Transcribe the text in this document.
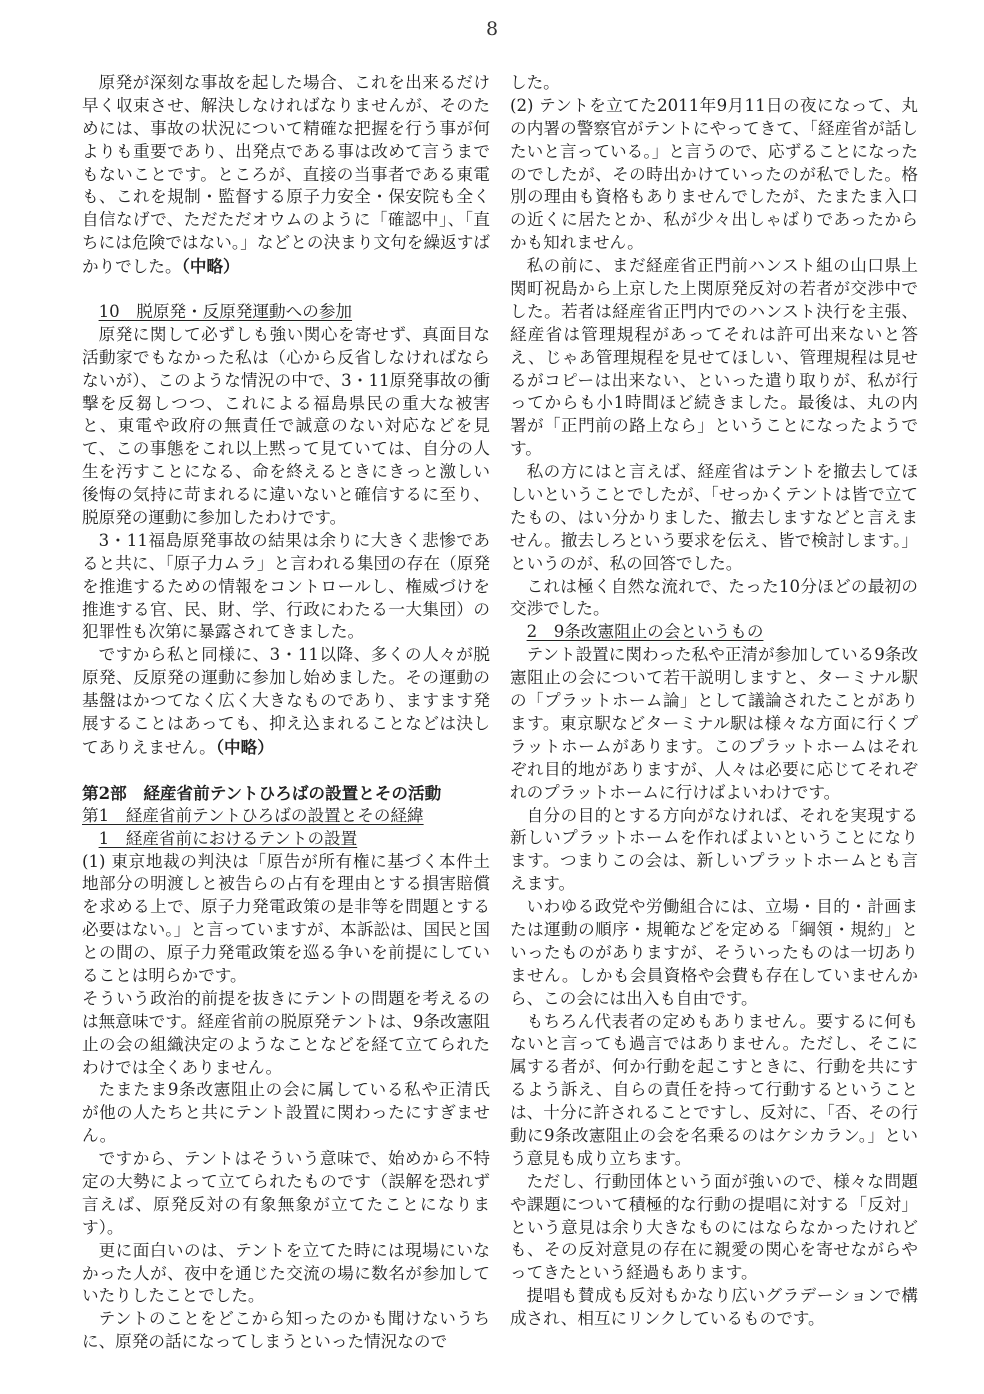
8

原発が深刻な事故を起した場合、これを出来るだけ早く収束させ、解決しなければなりませんが、そのためには、事故の状況について精確な把握を行う事が何よりも重要であり、出発点である事は改めて言うまでもないことです。ところが、直接の当事者である東電も、これを規制・監督する原子力安全・保安院も全く自信なげで、ただただオウムのように「確認中」、「直ちには危険ではない。」などとの決まり文句を繰返すばかりでした。（中略）

10　脱原発・反原発運動への参加

原発に関して必ずしも強い関心を寄せず、真面目な活動家でもなかった私は（心から反省しなければならないが）、このような情況の中で、3・11原発事故の衝撃を反芻しつつ、これによる福島県民の重大な被害と、東電や政府の無責任で誠意のない対応などを見て、この事態をこれ以上黙って見ていては、自分の人生を汚すことになる、命を終えるときにきっと激しい後悔の気持に苛まれるに違いないと確信するに至り、脱原発の運動に参加したわけです。

3・11福島原発事故の結果は余りに大きく悲惨であると共に、「原子力ムラ」と言われる集団の存在（原発を推進するための情報をコントロールし、権威づけを推進する官、民、財、学、行政にわたる一大集団）の犯罪性も次第に暴露されてきました。

ですから私と同様に、3・11以降、多くの人々が脱原発、反原発の運動に参加し始めました。その運動の基盤はかつてなく広く大きなものであり、ますます発展することはあっても、抑え込まれることなどは決してありえません。（中略）

第2部　経産省前テントひろばの設置とその活動

第1　経産省前テントひろばの設置とその経緯

1　経産省前におけるテントの設置

(1) 東京地裁の判決は「原告が所有権に基づく本件土地部分の明渡しと被告らの占有を理由とする損害賠償を求める上で、原子力発電政策の是非等を問題とする必要はない。」と言っていますが、本訴訟は、国民と国との間の、原子力発電政策を巡る争いを前提にしていることは明らかです。

そういう政治的前提を抜きにテントの問題を考えるのは無意味です。経産省前の脱原発テントは、9条改憲阻止の会の組織決定のようなことなどを経て立てられたわけでは全くありません。

たまたま9条改憲阻止の会に属している私や正清氏が他の人たちと共にテント設置に関わったにすぎません。

ですから、テントはそういう意味で、始めから不特定の大勢によって立てられたものです（誤解を恐れず言えば、原発反対の有象無象が立てたことになります）。

更に面白いのは、テントを立てた時には現場にいなかった人が、夜中を通じた交流の場に数名が参加していたりしたことでした。

テントのことをどこから知ったのかも聞けないうちに、原発の話になってしまうといった情況なので

した。

(2) テントを立てた2011年9月11日の夜になって、丸の内署の警察官がテントにやってきて、「経産省が話したいと言っている。」と言うので、応ずることになったのでしたが、その時出かけていったのが私でした。格別の理由も資格もありませんでしたが、たまたま入口の近くに居たとか、私が少々出しゃばりであったからかも知れません。

私の前に、まだ経産省正門前ハンスト組の山口県上関町祝島から上京した上関原発反対の若者が交渉中でした。若者は経産省正門内でのハンスト決行を主張、経産省は管理規程があってそれは許可出来ないと答え、じゃあ管理規程を見せてほしい、管理規程は見せるがコピーは出来ない、といった遣り取りが、私が行ってからも小1時間ほど続きました。最後は、丸の内署が「正門前の路上なら」ということになったようです。

私の方にはと言えば、経産省はテントを撤去してほしいということでしたが、「せっかくテントは皆で立てたもの、はい分かりました、撤去しますなどと言えません。撤去しろという要求を伝え、皆で検討します。」というのが、私の回答でした。

これは極く自然な流れで、たった10分ほどの最初の交渉でした。

2　9条改憲阻止の会というもの

テント設置に関わった私や正清が参加している9条改憲阻止の会について若干説明しますと、ターミナル駅の「プラットホーム論」として議論されたことがあります。東京駅などターミナル駅は様々な方面に行くプラットホームがあります。このプラットホームはそれぞれ目的地がありますが、人々は必要に応じてそれぞれのプラットホームに行けばよいわけです。

自分の目的とする方向がなければ、それを実現する新しいプラットホームを作ればよいということになります。つまりこの会は、新しいプラットホームとも言えます。

いわゆる政党や労働組合には、立場・目的・計画または運動の順序・規範などを定める「綱領・規約」といったものがありますが、そういったものは一切ありません。しかも会員資格や会費も存在していませんから、この会には出入も自由です。

もちろん代表者の定めもありません。要するに何もないと言っても過言ではありません。ただし、そこに属する者が、何か行動を起こすときに、行動を共にするよう訴え、自らの責任を持って行動するということは、十分に許されることですし、反対に、「否、その行動に9条改憲阻止の会を名乗るのはケシカラン。」という意見も成り立ちます。

ただし、行動団体という面が強いので、様々な問題や課題について積極的な行動の提唱に対する「反対」という意見は余り大きなものにはならなかったけれども、その反対意見の存在に親愛の関心を寄せながらやってきたという経過もあります。

提唱も賛成も反対もかなり広いグラデーションで構成され、相互にリンクしているものです。
